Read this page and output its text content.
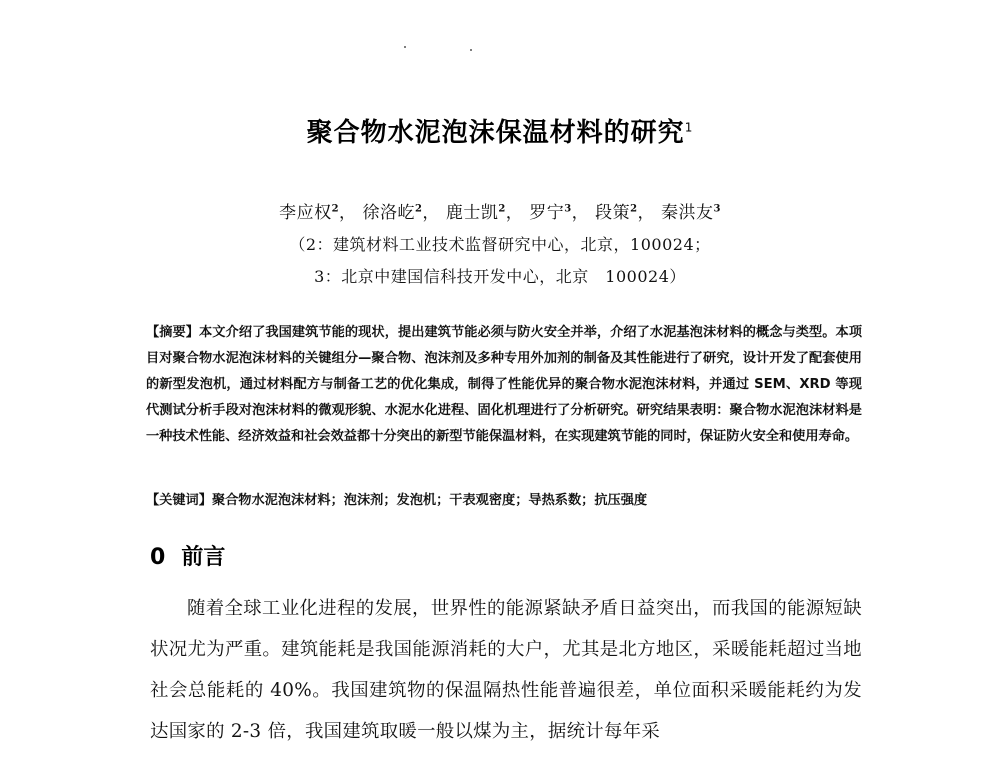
聚合物水泥泡沫保温材料的研究$^1$
李应权$^2$， 徐洛屹$^2$， 鹿士凯$^2$， 罗宁$^3$， 段策$^2$， 秦洪友$^3$
（2：建筑材料工业技术监督研究中心，北京，100024；
3：北京中建国信科技开发中心，北京　100024）
【摘要】本文介绍了我国建筑节能的现状，提出建筑节能必须与防火安全并举，介绍了水泥基泡沫材料的概念与类型。本项目对聚合物水泥泡沫材料的关键组分—聚合物、泡沫剂及多种专用外加剂的制备及其性能进行了研究，设计开发了配套使用的新型发泡机，通过材料配方与制备工艺的优化集成，制得了性能优异的聚合物水泥泡沫材料，并通过 SEM、XRD 等现代测试分析手段对泡沫材料的微观形貌、水泥水化进程、固化机理进行了分析研究。研究结果表明：聚合物水泥泡沫材料是一种技术性能、经济效益和社会效益都十分突出的新型节能保温材料，在实现建筑节能的同时，保证防火安全和使用寿命。
【关键词】聚合物水泥泡沫材料；泡沫剂；发泡机；干表观密度；导热系数；抗压强度
0 前言
随着全球工业化进程的发展，世界性的能源紧缺矛盾日益突出，而我国的能源短缺状况尤为严重。建筑能耗是我国能源消耗的大户，尤其是北方地区，采暖能耗超过当地社会总能耗的 40%。我国建筑物的保温隔热性能普遍很差，单位面积采暖能耗约为发达国家的 2-3 倍，我国建筑取暖一般以煤为主，据统计每年采
